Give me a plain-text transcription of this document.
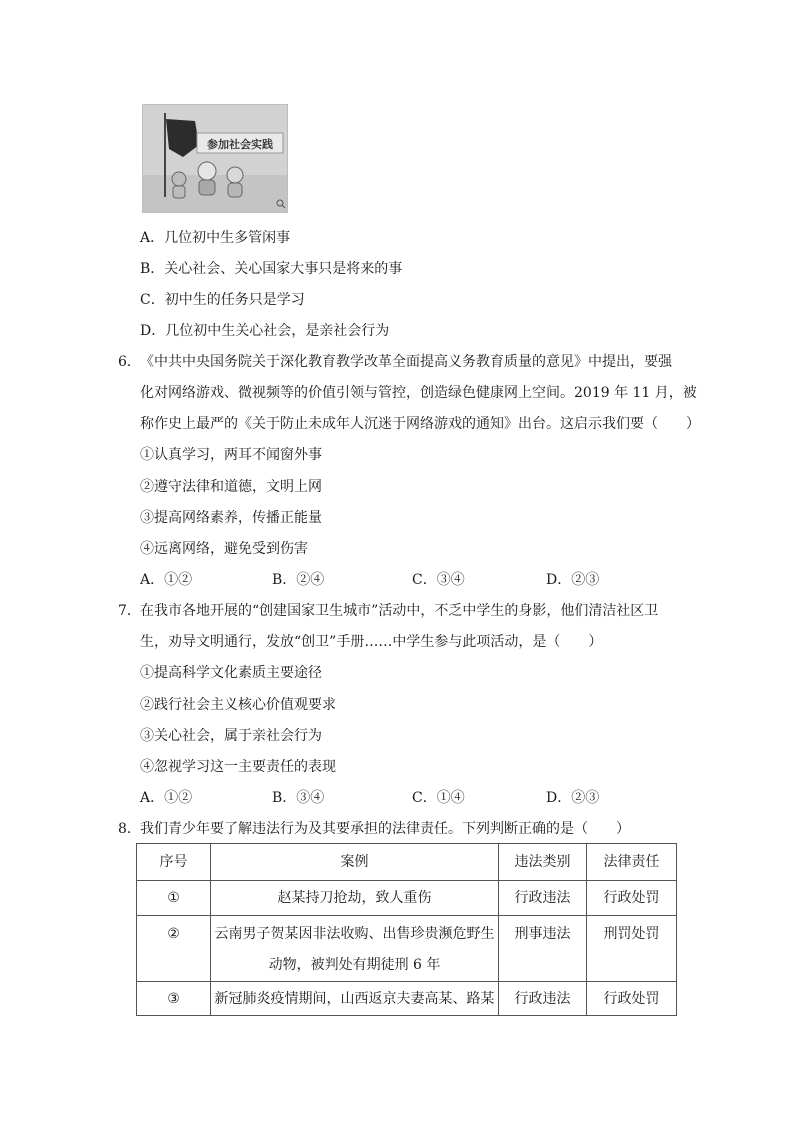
参加社会实践
A．几位初中生多管闲事
B．关心社会、关心国家大事只是将来的事
C．初中生的任务只是学习
D．几位初中生关心社会，是亲社会行为
6． 《中共中央国务院关于深化教育教学改革全面提高义务教育质量的意见》中提出，要强
化对网络游戏、微视频等的价值引领与管控，创造绿色健康网上空间。2019 年 11 月，被
称作史上最严的《关于防止未成年人沉迷于网络游戏的通知》出台。这启示我们要（　　）
①认真学习，两耳不闻窗外事
②遵守法律和道德，文明上网
③提高网络素养，传播正能量
④远离网络，避免受到伤害
A．①②	B．②④	C．③④	D．②③
7． 在我市各地开展的“创建国家卫生城市”活动中，不乏中学生的身影，他们清洁社区卫
生，劝导文明通行，发放“创卫”手册……中学生参与此项活动，是（　　）
①提高科学文化素质主要途径
②践行社会主义核心价值观要求
③关心社会，属于亲社会行为
④忽视学习这一主要责任的表现
A．①②	B．③④	C．①④	D．②③
8． 我们青少年要了解违法行为及其要承担的法律责任。下列判断正确的是（　　）
序号	案例	违法类别	法律责任
①	赵某持刀抢劫，致人重伤	行政违法	行政处罚
②	云南男子贺某因非法收购、出售珍贵濒危野生
动物，被判处有期徒刑 6 年	刑事违法	刑罚处罚
③	新冠肺炎疫情期间，山西返京夫妻高某、路某	行政违法	行政处罚
